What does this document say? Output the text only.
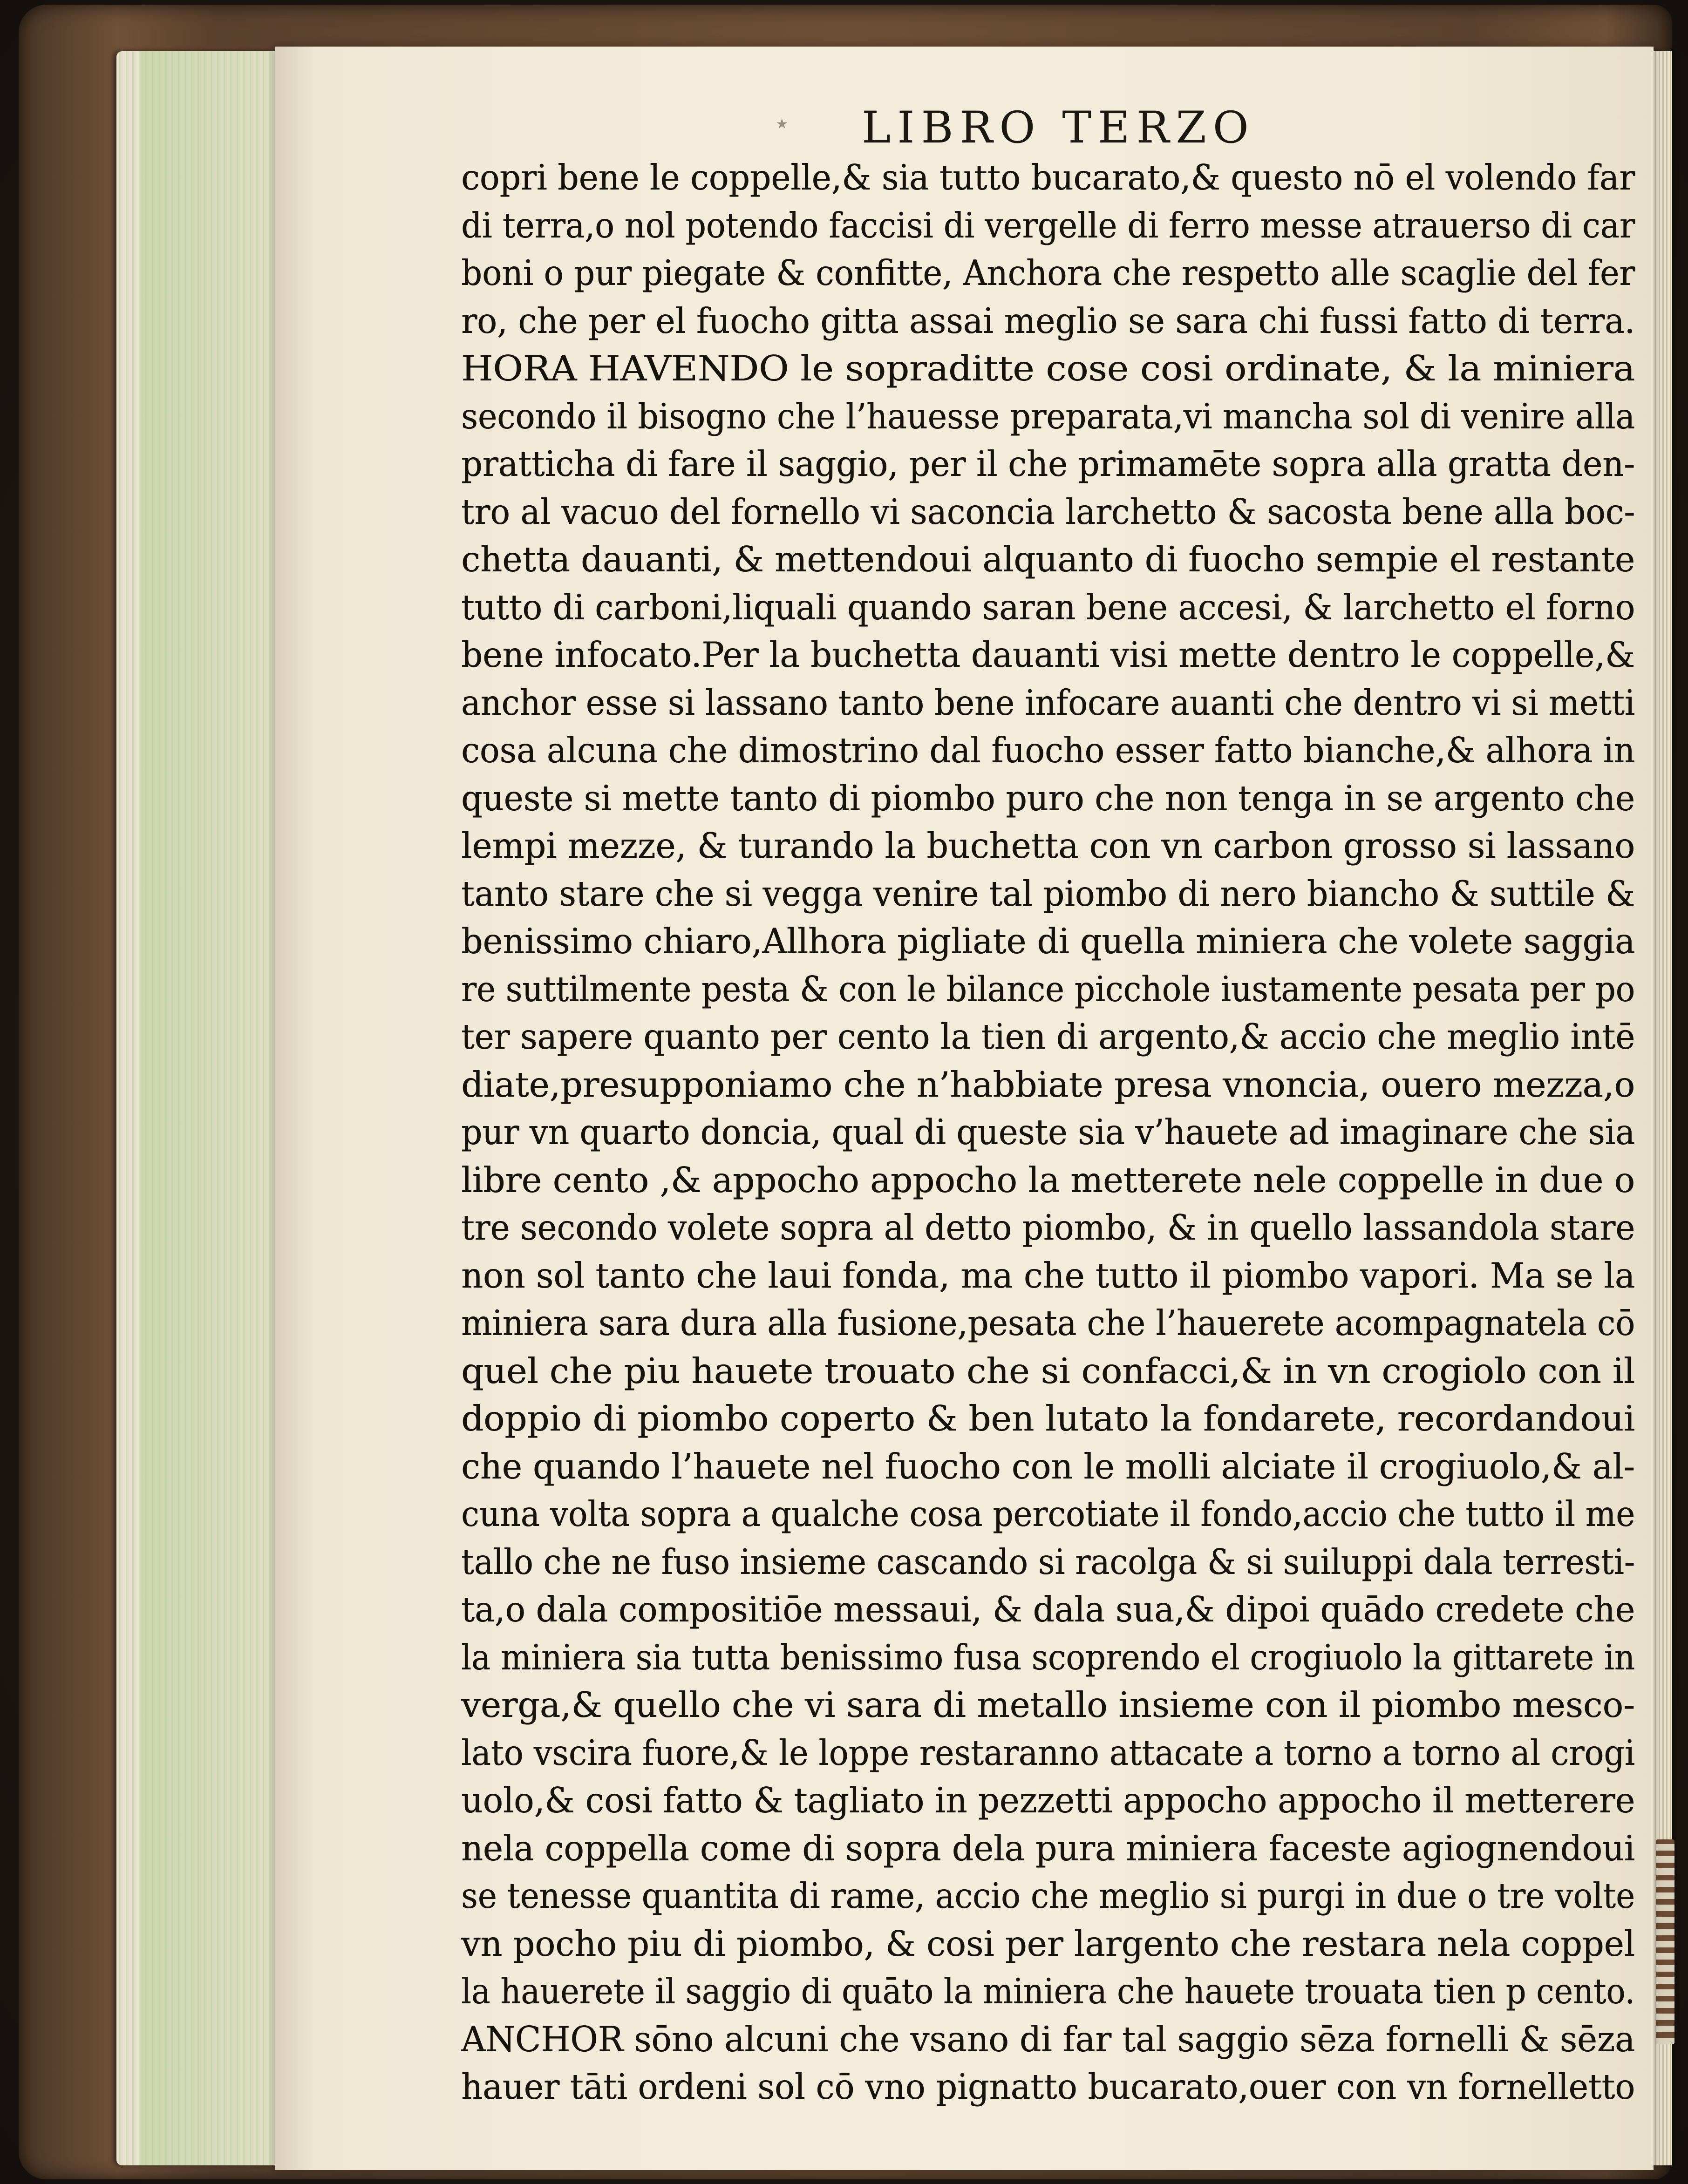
⋆ LIBRO TERZO
copri bene le coppelle,& sia tutto bucarato,& questo nō el volendo far
di terra,o nol potendo faccisi di vergelle di ferro messe atrauerso di car
boni o pur piegate & confitte, Anchora che respetto alle scaglie del fer
ro, che per el fuocho gitta assai meglio se sara chi fussi fatto di terra.
HORA HAVENDO le sopraditte cose cosi ordinate, & la miniera
secondo il bisogno che l’hauesse preparata,vi mancha sol di venire alla
pratticha di fare il saggio, per il che primamēte sopra alla gratta den-
tro al vacuo del fornello vi saconcia larchetto & sacosta bene alla boc-
chetta dauanti, & mettendoui alquanto di fuocho sempie el restante
tutto di carboni,liquali quando saran bene accesi, & larchetto el forno
bene infocato.Per la buchetta dauanti visi mette dentro le coppelle,&
anchor esse si lassano tanto bene infocare auanti che dentro vi si metti
cosa alcuna che dimostrino dal fuocho esser fatto bianche,& alhora in
queste si mette tanto di piombo puro che non tenga in se argento che
lempi mezze, & turando la buchetta con vn carbon grosso si lassano
tanto stare che si vegga venire tal piombo di nero biancho & suttile &
benissimo chiaro,Allhora pigliate di quella miniera che volete saggia
re suttilmente pesta & con le bilance picchole iustamente pesata per po
ter sapere quanto per cento la tien di argento,& accio che meglio intē
diate,presupponiamo che n’habbiate presa vnoncia, ouero mezza,o
pur vn quarto doncia, qual di queste sia v’hauete ad imaginare che sia
libre cento ,& appocho appocho la metterete nele coppelle in due o
tre secondo volete sopra al detto piombo, & in quello lassandola stare
non sol tanto che laui fonda, ma che tutto il piombo vapori. Ma se la
miniera sara dura alla fusione,pesata che l’hauerete acompagnatela cō
quel che piu hauete trouato che si confacci,& in vn crogiolo con il
doppio di piombo coperto & ben lutato la fondarete, recordandoui
che quando l’hauete nel fuocho con le molli alciate il crogiuolo,& al-
cuna volta sopra a qualche cosa percotiate il fondo,accio che tutto il me
tallo che ne fuso insieme cascando si racolga & si suiluppi dala terresti-
ta,o dala compositiōe messaui, & dala sua,& dipoi quādo credete che
la miniera sia tutta benissimo fusa scoprendo el crogiuolo la gittarete in
verga,& quello che vi sara di metallo insieme con il piombo mesco-
lato vscira fuore,& le loppe restaranno attacate a torno a torno al crogi
uolo,& cosi fatto & tagliato in pezzetti appocho appocho il metterere
nela coppella come di sopra dela pura miniera faceste agiognendoui
se tenesse quantita di rame, accio che meglio si purgi in due o tre volte
vn pocho piu di piombo, & cosi per largento che restara nela coppel
la hauerete il saggio di quāto la miniera che hauete trouata tien p cento.
ANCHOR sōno alcuni che vsano di far tal saggio sēza fornelli & sēza
hauer tāti ordeni sol cō vno pignatto bucarato,ouer con vn fornelletto
